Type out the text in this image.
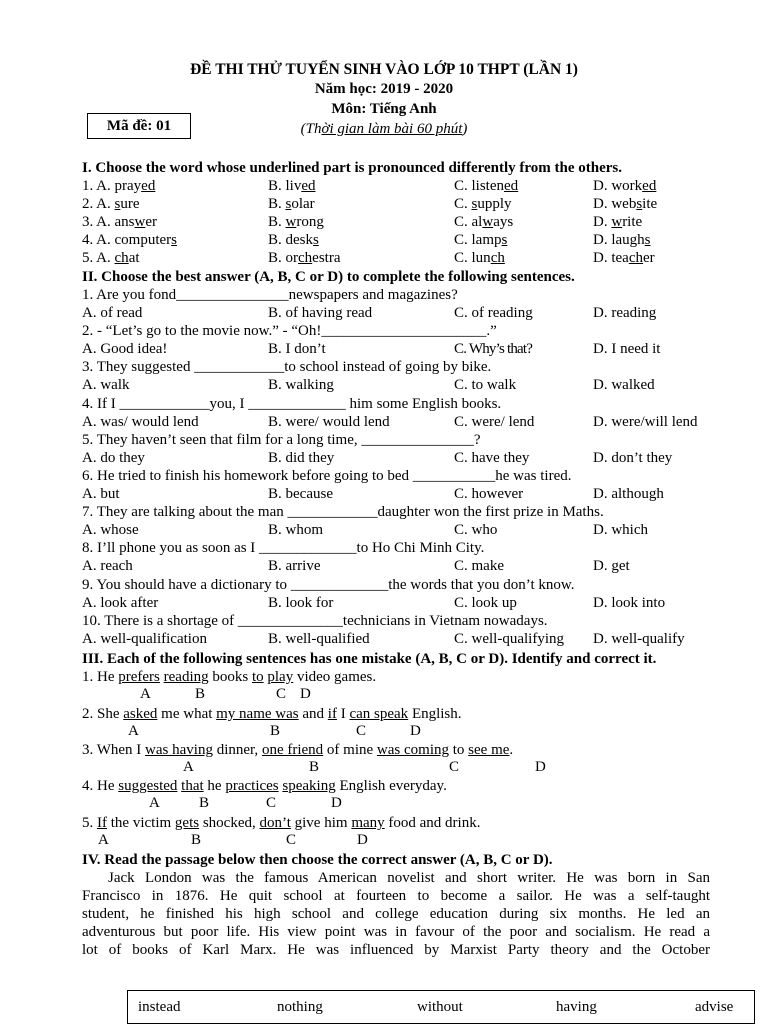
ĐỀ THI THỬ TUYỂN SINH VÀO LỚP 10 THPT (LẦN 1)
Năm học: 2019 - 2020
Môn: Tiếng Anh
Mã đề: 01	(Thời gian làm bài 60 phút)
I. Choose the word whose underlined part is pronounced differently from the others.
1. A. prayed	B. lived	C. listened	D. worked
2. A. sure	B. solar	C. supply	D. website
3. A. answer	B. wrong	C. always	D. write
4. A. computers	B. desks	C. lamps	D. laughs
5. A. chat	B. orchestra	C. lunch	D. teacher
II. Choose the best answer (A, B, C or D) to complete the following sentences.
1. Are you fond_______________newspapers and magazines?
A. of read	B. of having read	C. of reading	D. reading
2. - “Let’s go to the movie now.” - “Oh!______________________.”
A. Good idea!	B. I don’t	C. Why’s that?	D. I need it
3. They suggested ____________to school instead of going by bike.
A. walk	B. walking	C. to walk	D. walked
4. If I ____________you, I _____________ him some English books.
A. was/ would lend	B. were/ would lend	C. were/ lend	D. were/will lend
5. They haven’t seen that film for a long time, _______________?
A. do they	B. did they	C. have they	D. don’t they
6. He tried to finish his homework before going to bed ___________he was tired.
A. but	B. because	C. however	D. although
7. They are talking about the man ____________daughter won the first prize in Maths.
A. whose	B. whom	C. who	D. which
8. I’ll phone you as soon as I _____________to Ho Chi Minh City.
A. reach	B. arrive	C. make	D. get
9. You should have a dictionary to _____________the words that you don’t know.
A. look after	B. look for	C. look up	D. look into
10. There is a shortage of ______________technicians in Vietnam nowadays.
A. well-qualification	B. well-qualified	C. well-qualifying D. well-qualify
III. Each of the following sentences has one mistake (A, B, C or D). Identify and correct it.
1. He prefers reading books to play video games.
A	B	C D
2. She asked me what my name was and if I can speak English.
A	B	C	D
3. When I was having dinner, one friend of mine was coming to see me.
A	B	C	D
4. He suggested that he practices speaking English everyday.
A	B	C	D
5. If the victim gets shocked, don’t give him many food and drink.
A	B	C	D
IV. Read the passage below then choose the correct answer (A, B, C or D).

Jack London was the famous American novelist and short writer. He was born in San

Francisco in 1876. He quit school at fourteen to become a sailor. He was a self-taught

student, he finished his high school and college education during six months. He led an

adventurous but poor life. His view point was in favour of the poor and socialism. He read a

lot of books of Karl Marx. He was influenced by Marxist Party theory and the October

instead	nothing	without	having	advise
